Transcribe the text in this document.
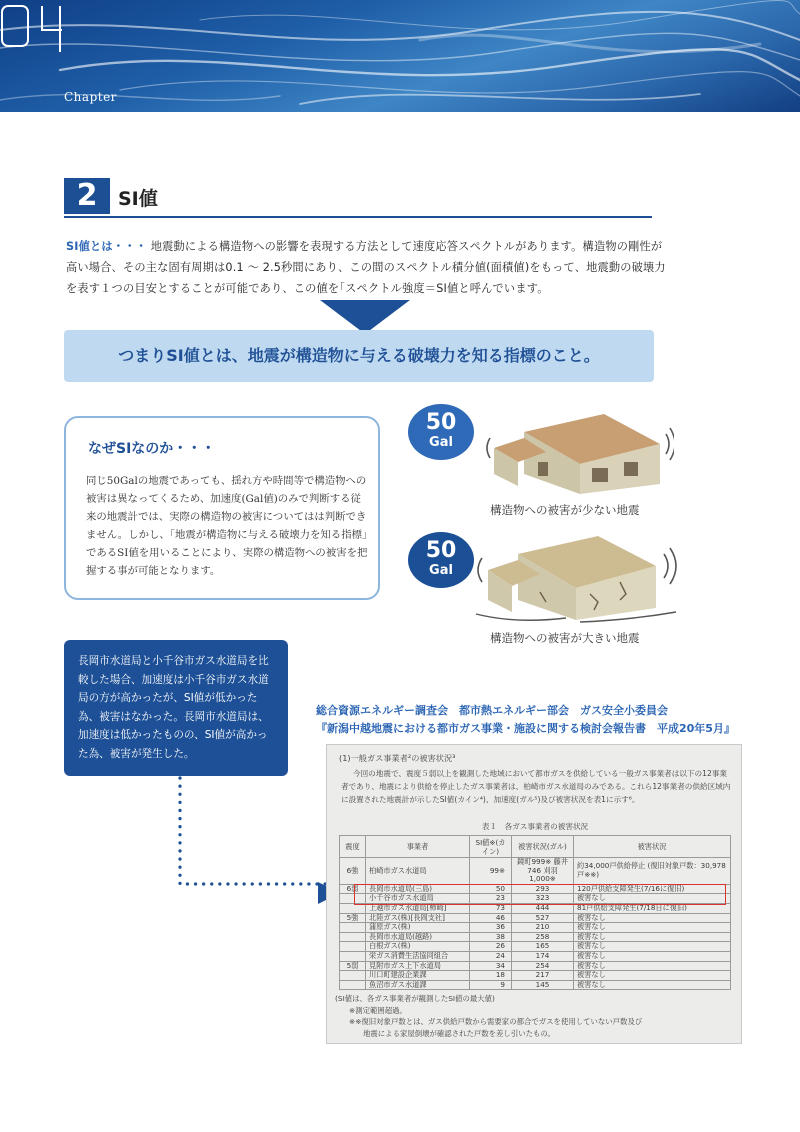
Chapter
2	SI値

SI値とは・・・ 地震動による構造物への影響を表現する方法として速度応答スペクトルがあります。構造物の剛性が高い場合、その主な固有周期は0.1 ～ 2.5秒間にあり、この間のスペクトル積分値(面積値)をもって、地震動の破壊力を表す１つの目安とすることが可能であり、この値を｢スペクトル強度＝SI値と呼んでいます。

つまりSI値とは、地震が構造物に与える破壊力を知る指標のこと。
なぜSIなのか・・・

同じ50Galの地震であっても、揺れ方や時間等で構造物への被害は異なってくるため、加速度(Gal値)のみで判断する従来の地震計では、実際の構造物の被害についてはは判断できません。しかし、｢地震が構造物に与える破壊力を知る指標｣であるSI値を用いることにより、実際の構造物への被害を把握する事が可能となります。

50
Gal
構造物への被害が少ない地震
50
Gal
構造物への被害が大きい地震
長岡市水道局と小千谷市ガス水道局を比較した場合、加速度は小千谷市ガス水道局の方が高かったが、SI値が低かった為、被害はなかった。長岡市水道局は、加速度は低かったものの、SI値が高かった為、被害が発生した。
総合資源エネルギー調査会　都市熱エネルギー部会　ガス安全小委員会
『新潟中越地震における都市ガス事業・施設に関する検討会報告書　平成20年5月』
(1)一般ガス事業者²の被害状況³

今回の地震で、震度５弱以上を観測した地域において都市ガスを供給している一般ガス事業者は以下の12事業者であり、地震により供給を停止したガス事業者は、柏崎市ガス水道局のみである。これら12事業者の供給区域内に設置された地震計が示したSI値(カイン⁴)、加速度(ガル⁵)及び被害状況を表1に示す⁶。

表１　各ガス事業者の被害状況
震度	事業者	SI値※(カイン)	被害状況(ガル)	被害状況
6強	柏崎市ガス水道局	99※	鏡町999※ 藤井746 刈羽1,000※	約34,000戸供給停止 (復旧対象戸数：30,978戸※※)
6弱	長岡市水道局(三島)	50	293	120戸供給支障発生(7/16に復旧)
	小千谷市ガス水道局	23	323	被害なし
	上越市ガス水道局[柿崎]	73	444	81戸供給支障発生(7/18日に復旧)
5強	北陸ガス(株)[長岡支社]	46	527	被害なし
	蒲原ガス(株)	36	210	被害なし
	長岡市水道局(越路)	38	258	被害なし
	白根ガス(株)	26	165	被害なし
	栄ガス消費生活協同組合	24	174	被害なし
5弱	見附市ガス上下水道局	34	254	被害なし
	川口町建設企業課	18	217	被害なし
	魚沼市ガス水道課	9	145	被害なし
(SI値は、各ガス事業者が観測したSI値の最大値)
※測定範囲超過。
※※復旧対象戸数とは、ガス供給戸数から需要家の都合でガスを使用していない戸数及び
地震による家屋倒壊が確認された戸数を差し引いたもの。
